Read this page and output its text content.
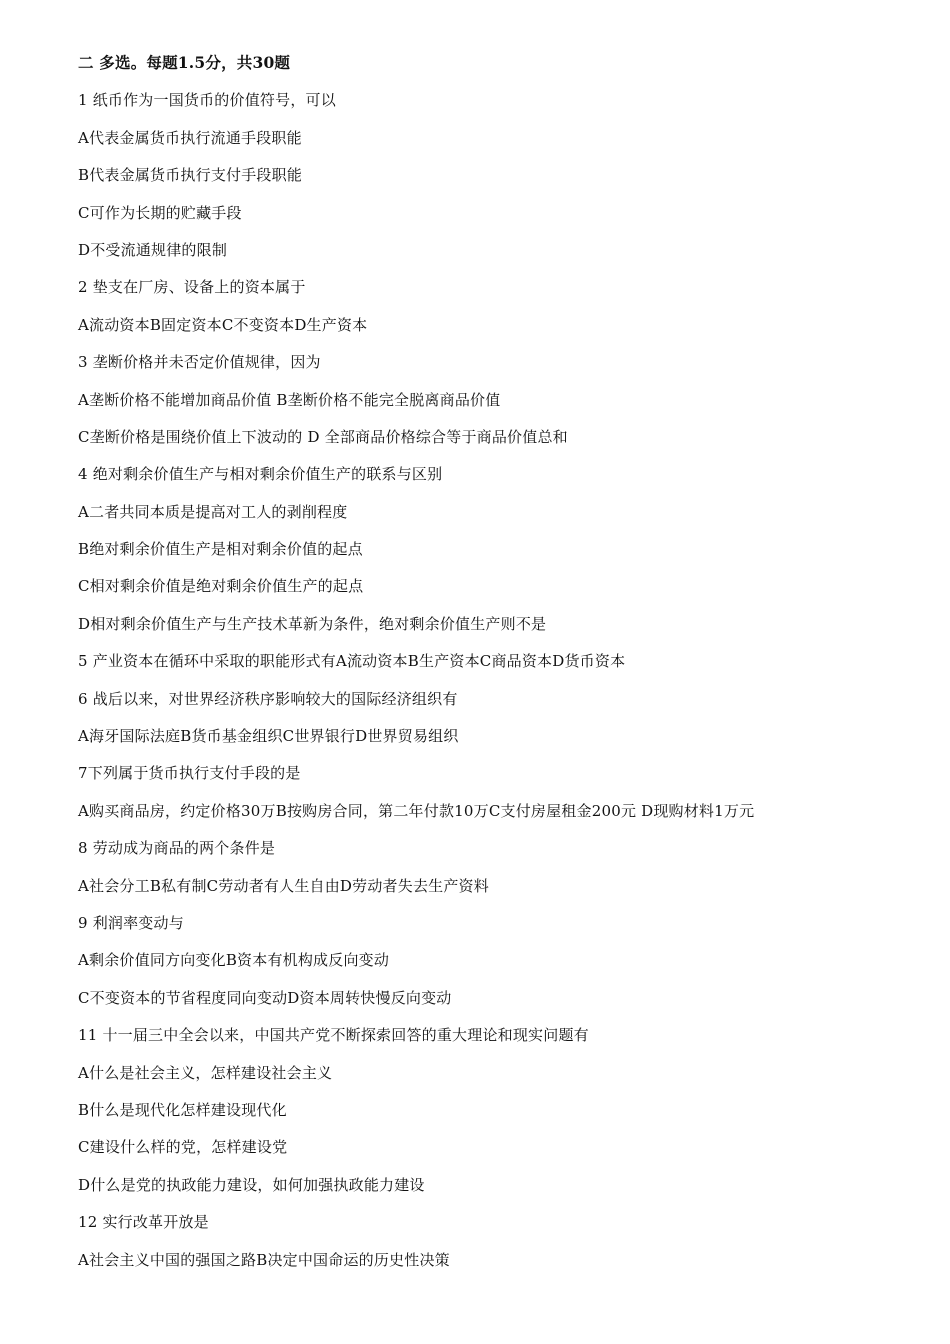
二 多选。每题1.5分，共30题
1 纸币作为一国货币的价值符号，可以
A代表金属货币执行流通手段职能
B代表金属货币执行支付手段职能
C可作为长期的贮藏手段
D不受流通规律的限制
2 垫支在厂房、设备上的资本属于
A流动资本B固定资本C不变资本D生产资本
3 垄断价格并未否定价值规律，因为
A垄断价格不能增加商品价值 B垄断价格不能完全脱离商品价值
C垄断价格是围绕价值上下波动的 D 全部商品价格综合等于商品价值总和
4 绝对剩余价值生产与相对剩余价值生产的联系与区别
A二者共同本质是提高对工人的剥削程度
B绝对剩余价值生产是相对剩余价值的起点
C相对剩余价值是绝对剩余价值生产的起点
D相对剩余价值生产与生产技术革新为条件，绝对剩余价值生产则不是
5 产业资本在循环中采取的职能形式有A流动资本B生产资本C商品资本D货币资本
6 战后以来，对世界经济秩序影响较大的国际经济组织有
A海牙国际法庭B货币基金组织C世界银行D世界贸易组织
7下列属于货币执行支付手段的是
A购买商品房，约定价格30万B按购房合同，第二年付款10万C支付房屋租金200元 D现购材料1万元
8 劳动成为商品的两个条件是
A社会分工B私有制C劳动者有人生自由D劳动者失去生产资料
9 利润率变动与
A剩余价值同方向变化B资本有机构成反向变动
C不变资本的节省程度同向变动D资本周转快慢反向变动
11 十一届三中全会以来，中国共产党不断探索回答的重大理论和现实问题有
A什么是社会主义，怎样建设社会主义
B什么是现代化怎样建设现代化
C建设什么样的党，怎样建设党
D什么是党的执政能力建设，如何加强执政能力建设
12 实行改革开放是
A社会主义中国的强国之路B决定中国命运的历史性决策
